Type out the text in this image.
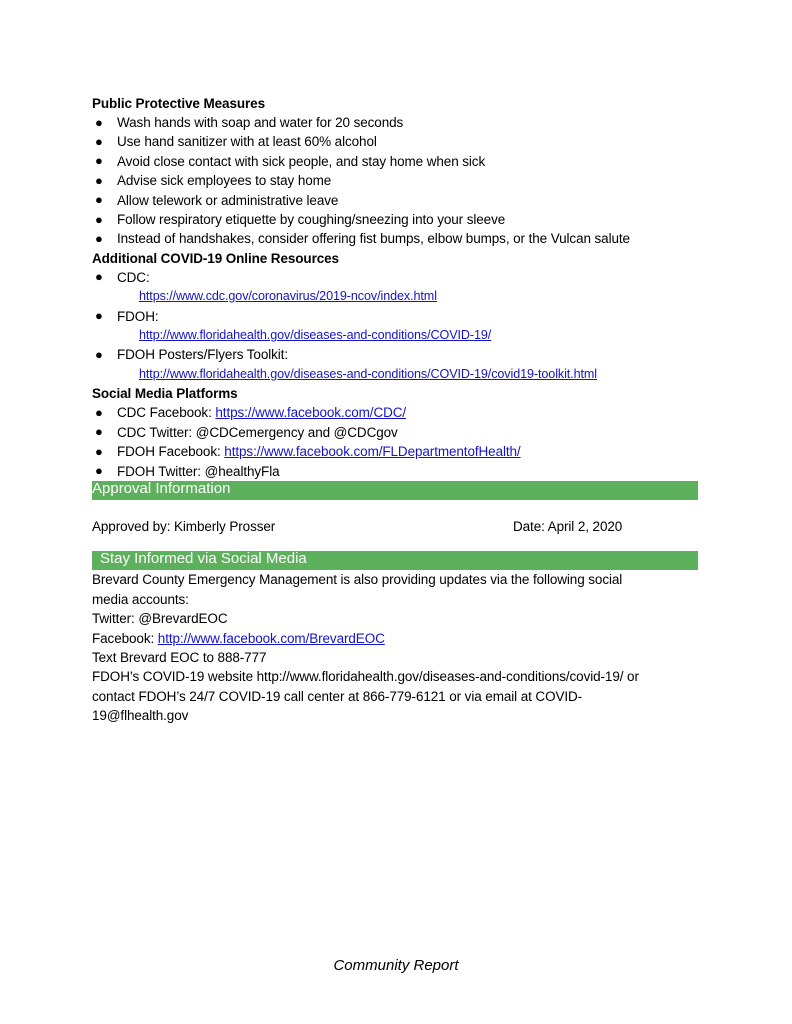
Public Protective Measures
● Wash hands with soap and water for 20 seconds
● Use hand sanitizer with at least 60% alcohol
● Avoid close contact with sick people, and stay home when sick
● Advise sick employees to stay home
● Allow telework or administrative leave
● Follow respiratory etiquette by coughing/sneezing into your sleeve
● Instead of handshakes, consider offering fist bumps, elbow bumps, or the Vulcan salute
Additional COVID-19 Online Resources
● CDC:
https://www.cdc.gov/coronavirus/2019-ncov/index.html
● FDOH:
http://www.floridahealth.gov/diseases-and-conditions/COVID-19/
● FDOH Posters/Flyers Toolkit:
http://www.floridahealth.gov/diseases-and-conditions/COVID-19/covid19-toolkit.html
Social Media Platforms
● CDC Facebook: https://www.facebook.com/CDC/
● CDC Twitter: @CDCemergency and @CDCgov
● FDOH Facebook: https://www.facebook.com/FLDepartmentofHealth/
● FDOH Twitter: @healthyFla
Approval Information
Approved by: Kimberly Prosser	Date: April 2, 2020
Stay Informed via Social Media
Brevard County Emergency Management is also providing updates via the following social
media accounts:
Twitter: @BrevardEOC
Facebook: http://www.facebook.com/BrevardEOC
Text Brevard EOC to 888-777
FDOH’s COVID-19 website http://www.floridahealth.gov/diseases-and-conditions/covid-19/ or
contact FDOH’s 24/7 COVID-19 call center at 866-779-6121 or via email at COVID-
19@flhealth.gov
Community Report
